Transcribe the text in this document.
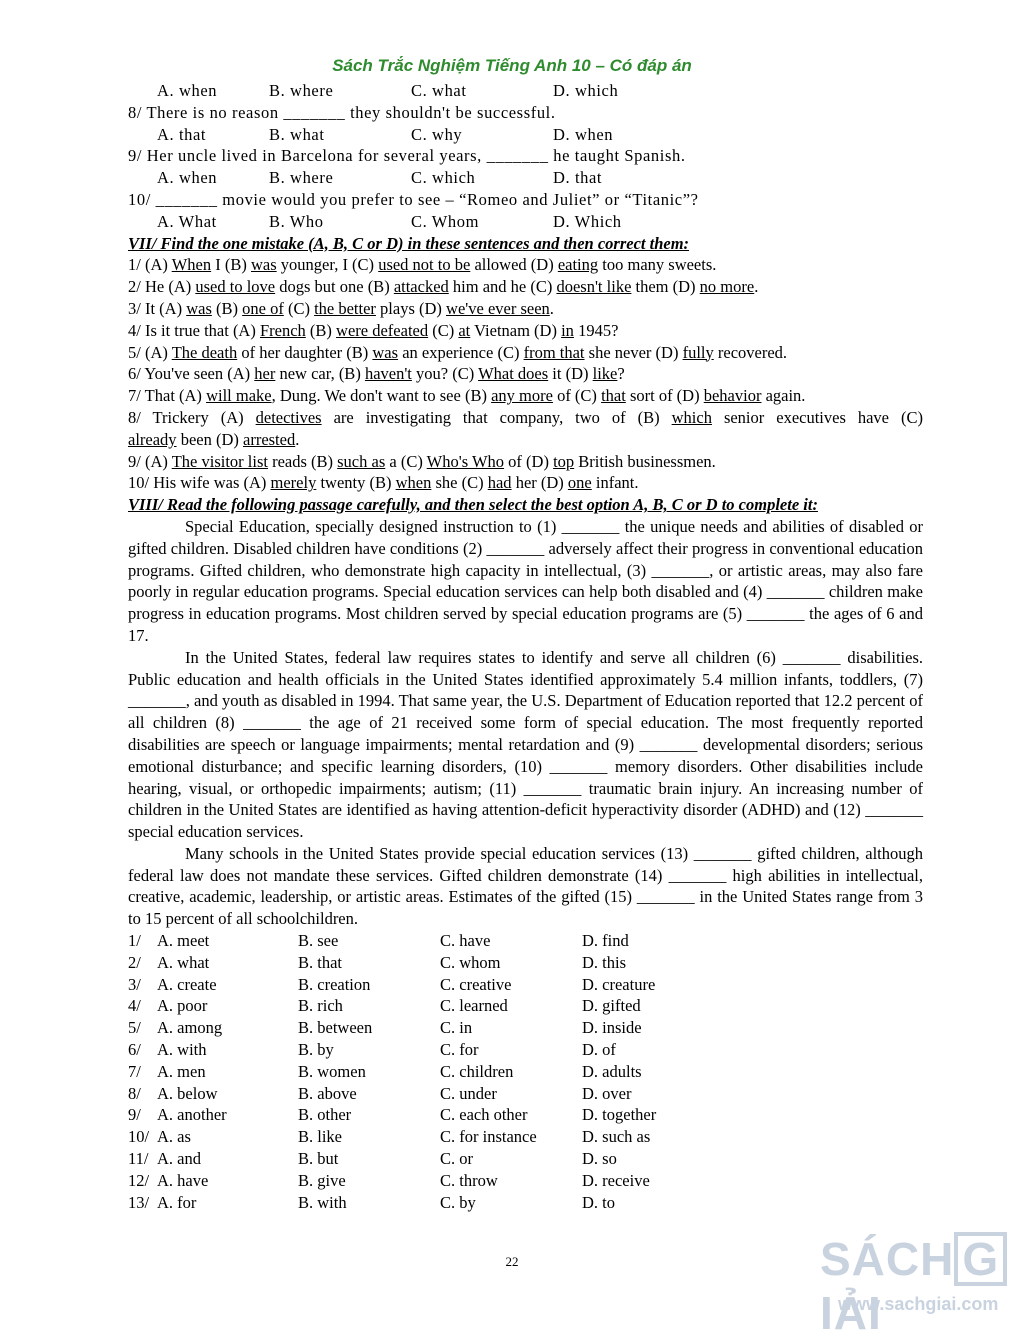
Sách Trắc Nghiệm Tiếng Anh 10 – Có đáp án
A. when	B. where	C. what	D. which
8/ There is no reason _______ they shouldn't be successful.
A. that	B. what	C. why	D. when
9/ Her uncle lived in Barcelona for several years, _______ he taught Spanish.
A. when	B. where	C. which	D. that
10/ _______ movie would you prefer to see – “Romeo and Juliet” or “Titanic”?
A. What	B. Who	C. Whom	D. Which
VII/ Find the one mistake (A, B, C or D) in these sentences and then correct them:
1/ (A) When I (B) was younger, I (C) used not to be allowed (D) eating too many sweets.
2/ He (A) used to love dogs but one (B) attacked him and he (C) doesn't like them (D) no more.
3/ It (A) was (B) one of (C) the better plays (D) we've ever seen.
4/ Is it true that (A) French (B) were defeated (C) at Vietnam (D) in 1945?
5/ (A) The death of her daughter (B) was an experience (C) from that she never (D) fully recovered.
6/ You've seen (A) her new car, (B) haven't you? (C) What does it (D) like?
7/ That (A) will make, Dung. We don't want to see (B) any more of (C) that sort of (D) behavior again.
8/ Trickery (A) detectives are investigating that company, two of (B) which senior executives have (C)
already been (D) arrested.
9/ (A) The visitor list reads (B) such as a (C) Who's Who of (D) top British businessmen.
10/ His wife was (A) merely twenty (B) when she (C) had her (D) one infant.
VIII/ Read the following passage carefully, and then select the best option A, B, C or D to complete it:

Special Education, specially designed instruction to (1) _______ the unique needs and abilities of disabled or gifted children. Disabled children have conditions (2) _______ adversely affect their progress in conventional education programs. Gifted children, who demonstrate high capacity in intellectual, (3) _______, or artistic areas, may also fare poorly in regular education programs. Special education services can help both disabled and (4) _______ children make progress in education programs. Most children served by special education programs are (5) _______ the ages of 6 and 17.

In the United States, federal law requires states to identify and serve all children (6) _______ disabilities. Public education and health officials in the United States identified approximately 5.4 million infants, toddlers, (7) _______, and youth as disabled in 1994. That same year, the U.S. Department of Education reported that 12.2 percent of all children (8) _______ the age of 21 received some form of special education. The most frequently reported disabilities are speech or language impairments; mental retardation and (9) _______ developmental disorders; serious emotional disturbance; and specific learning disorders, (10) _______ memory disorders. Other disabilities include hearing, visual, or orthopedic impairments; autism; (11) _______ traumatic brain injury. An increasing number of children in the United States are identified as having attention-deficit hyperactivity disorder (ADHD) and (12) _______ special education services.

Many schools in the United States provide special education services (13) _______ gifted children, although federal law does not mandate these services. Gifted children demonstrate (14) _______ high abilities in intellectual, creative, academic, leadership, or artistic areas. Estimates of the gifted (15) _______ in the United States range from 3 to 15 percent of all schoolchildren.

1/ A. meet	B. see	C. have	D. find
2/ A. what	B. that	C. whom	D. this
3/ A. create	B. creation	C. creative	D. creature
4/ A. poor	B. rich	C. learned	D. gifted
5/ A. among	B. between	C. in	D. inside
6/ A. with	B. by	C. for	D. of
7/ A. men	B. women	C. children	D. adults
8/ A. below	B. above	C. under	D. over
9/ A. another	B. other	C. each other	D. together
10/ A. as	B. like	C. for instance	D. such as
11/ A. and	B. but	C. or	D. so
12/ A. have	B. give	C. throw	D. receive
13/ A. for	B. with	C. by	D. to
22	SÁCH GIẢI
www.sachgiai.com
